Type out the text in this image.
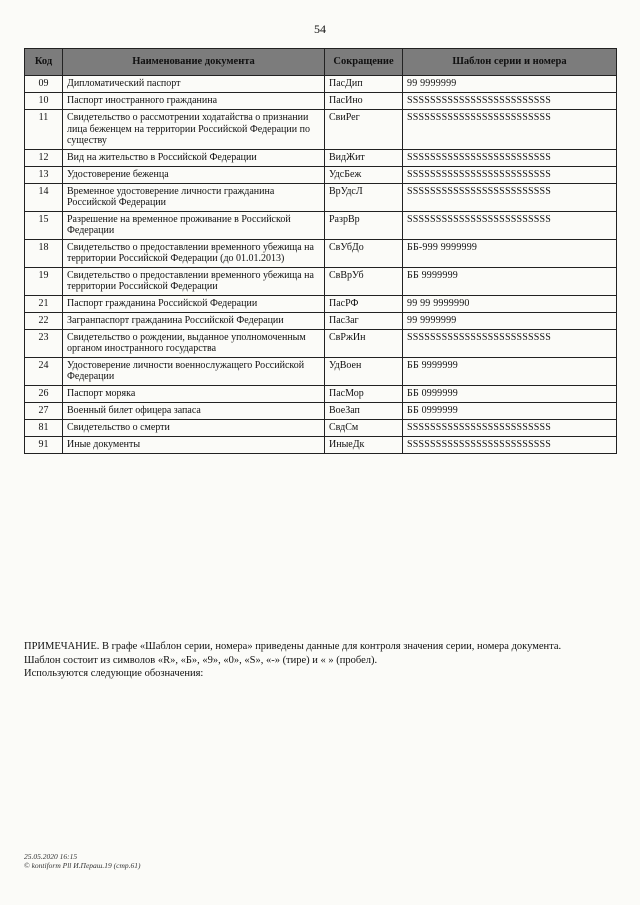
54
Код	Наименование документа	Сокращение	Шаблон серии и номера
09	Дипломатический паспорт	ПасДип	99 9999999
10	Паспорт иностранного гражданина	ПасИно	SSSSSSSSSSSSSSSSSSSSSSSSS
11	Свидетельство о рассмотрении ходатайства о признании лица беженцем на территории Российской Федерации по существу	СвиРег	SSSSSSSSSSSSSSSSSSSSSSSSS
12	Вид на жительство в Российской Федерации	ВидЖит	SSSSSSSSSSSSSSSSSSSSSSSSS
13	Удостоверение беженца	УдсБеж	SSSSSSSSSSSSSSSSSSSSSSSSS
14	Временное удостоверение личности гражданина Российской Федерации	ВрУдсЛ	SSSSSSSSSSSSSSSSSSSSSSSSS
15	Разрешение на временное проживание в Российской Федерации	РазрВр	SSSSSSSSSSSSSSSSSSSSSSSSS
18	Свидетельство о предоставлении временного убежища на территории Российской Федерации (до 01.01.2013)	СвУбДо	ББ-999 9999999
19	Свидетельство о предоставлении временного убежища на территории Российской Федерации	СвВрУб	ББ 9999999
21	Паспорт гражданина Российской Федерации	ПасРФ	99 99 9999990
22	Загранпаспорт гражданина Российской Федерации	ПасЗаг	99 9999999
23	Свидетельство о рождении, выданное уполномоченным органом иностранного государства	СвРжИн	SSSSSSSSSSSSSSSSSSSSSSSSS
24	Удостоверение личности военнослужащего Российской Федерации	УдВоен	ББ 9999999
26	Паспорт моряка	ПасМор	ББ 0999999
27	Военный билет офицера запаса	ВоеЗап	ББ 0999999
81	Свидетельство о смерти	СвдСм	SSSSSSSSSSSSSSSSSSSSSSSSS
91	Иные документы	ИныеДк	SSSSSSSSSSSSSSSSSSSSSSSSS

ПРИМЕЧАНИЕ. В графе «Шаблон серии, номера» приведены данные для контроля значения серии, номера документа.

Шаблон состоит из символов «R», «Б», «9», «0», «S», «-» (тире) и « » (пробел).

Используются следующие обозначения:

25.05.2020 16:15
© kontiform Pll И.Пераш.19 (стр.61)
